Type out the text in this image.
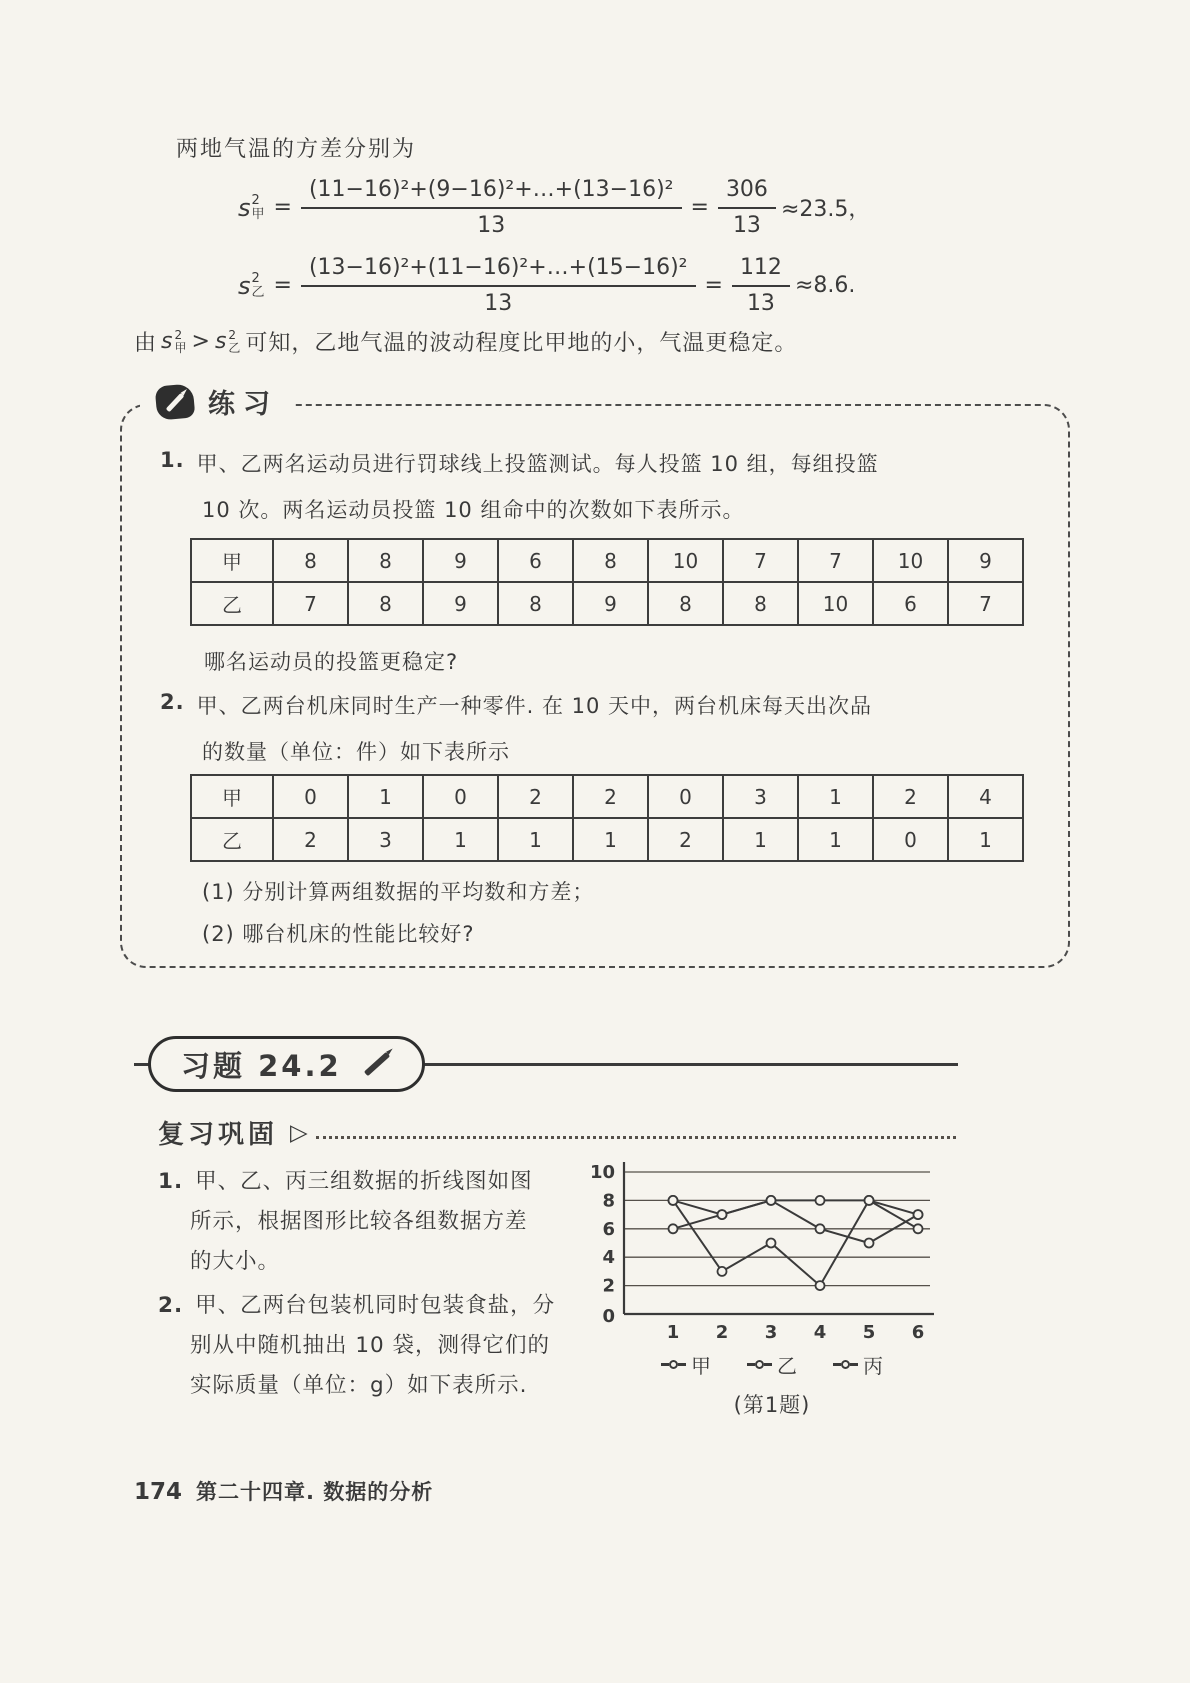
两地气温的方差分别为

s 2
甲 = $\frac{\text{(11−16)²+(9−16)²+…+(13−16)²}}{13} = \frac{306}{13} \approx 23.5$，
s 2
乙 = $\frac{\text{(13−16)²+(11−16)²+…+(15−16)²}}{13} = \frac{112}{13} \approx 8.6$.

由 s 2
甲 > s 2
乙 可知，乙地气温的波动程度比甲地的小，气温更稳定。

练习
1. 甲、乙两名运动员进行罚球线上投篮测试。每人投篮 10 组，每组投篮
10 次。两名运动员投篮 10 组命中的次数如下表所示。
甲	8	8	9	6	8	10	7	7	10	9
乙	7	8	9	8	9	8	8	10	6	7
哪名运动员的投篮更稳定?
2. 甲、乙两台机床同时生产一种零件. 在 10 天中，两台机床每天出次品
的数量（单位：件）如下表所示
甲	0	1	0	2	2	0	3	1	2	4
乙	2	3	1	1	1	2	1	1	0	1
(1) 分别计算两组数据的平均数和方差；
(2) 哪台机床的性能比较好?
习题 24.2
复习巩固 ▷
1. 甲、乙、丙三组数据的折线图如图
所示，根据图形比较各组数据方差
的大小。
2. 甲、乙两台包装机同时包装食盐，分
别从中随机抽出 10 袋，测得它们的
实际质量（单位：g）如下表所示.
2
4
6
8
10
0
1 2 3 4 5 6
甲	乙	丙
(第1题)
174 第二十四章. 数据的分析
